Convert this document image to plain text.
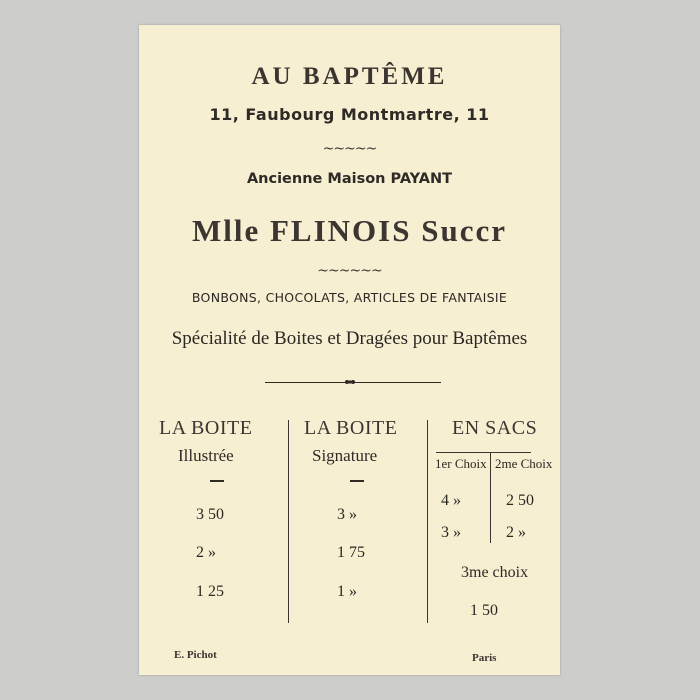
AU BAPTÊME
11, Faubourg Montmartre, 11
~~~~~
Ancienne Maison PAYANT
Mlle FLINOIS Succr
~~~~~~
BONBONS, CHOCOLATS, ARTICLES DE FANTAISIE
Spécialité de Boites et Dragées pour Baptêmes
LA BOITE
Illustrée
3 50
2 »
1 25
LA BOITE
Signature
3 »
1 75
1 »
EN SACS
1er Choix 2me Choix
4 »
3 »
2 50
2 »
3me choix
1 50
E. Pichot	Paris
